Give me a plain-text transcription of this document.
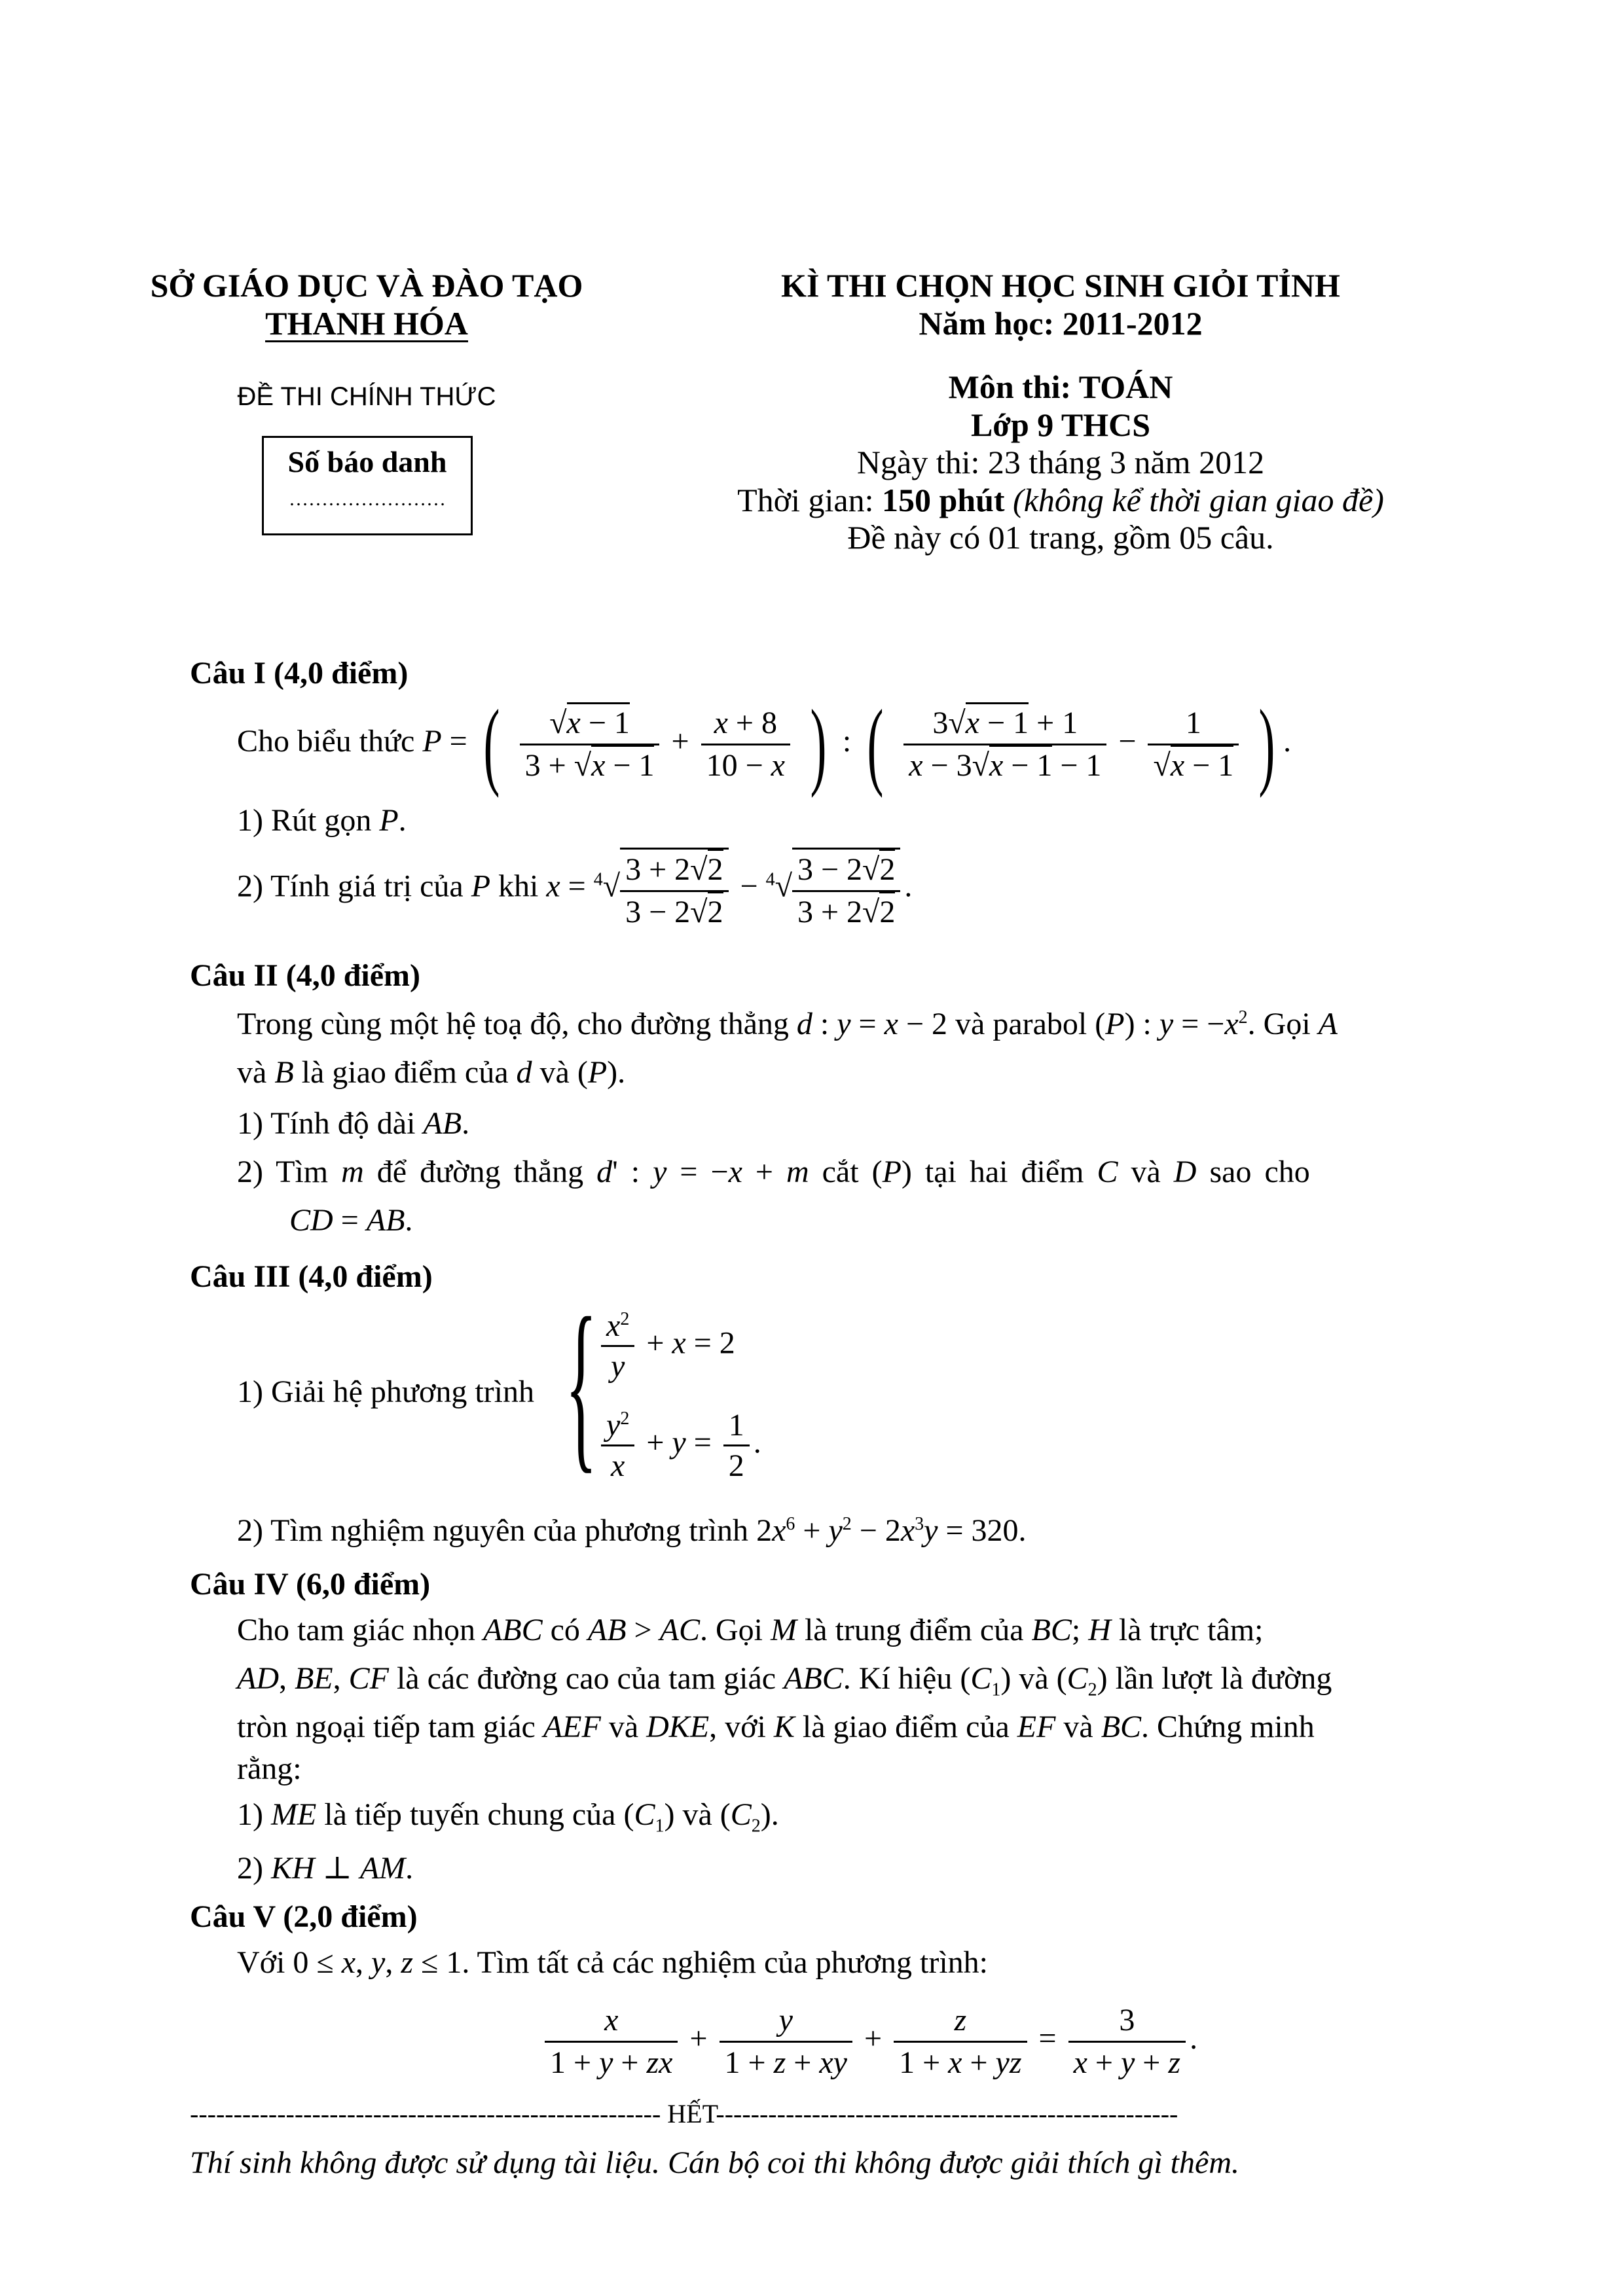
SỞ GIÁO DỤC VÀ ĐÀO TẠO
THANH HÓA
ĐỀ THI CHÍNH THỨC
Số báo danh
……………………
KÌ THI CHỌN HỌC SINH GIỎI TỈNH
Năm học: 2011-2012
Môn thi: TOÁN
Lớp 9 THCS
Ngày thi: 23 tháng 3 năm 2012
Thời gian: 150 phút (không kể thời gian giao đề)
Đề này có 01 trang, gồm 05 câu.
Câu I (4,0 điểm)
Cho biểu thức P = ( $\frac{√x - 1}{3 + √x - 1} + \frac{x + 8}{10 - x}$ ) : ( $\frac{3√x - 1 + 1}{x - 3√x - 1 - 1} - \frac{1}{√x - 1}$ ) .
1) Rút gọn P.
2) Tính giá trị của P khi $x = ^4√ \frac{3 + 2√2}{3 - 2√2} - ^4√ \frac{3 - 2√2}{3 + 2√2}$ .
Câu II (4,0 điểm)
Trong cùng một hệ toạ độ, cho đường thẳng d : y = x − 2 và parabol (P) : $y = -x^2$. Gọi A
và B là giao điểm của d và (P).
1) Tính độ dài AB.
2) Tìm m để đường thẳng d' : y = −x + m cắt (P) tại hai điểm C và D sao cho
CD = AB.
Câu III (4,0 điểm)
1) Giải hệ phương trình { $\frac{x^2}{y} + x = 2$
$\frac{y^2}{x} + y = \frac{1}{2}$ .
2) Tìm nghiệm nguyên của phương trình $2x^6 + y^2 - 2x^3y = 320$.
Câu IV (6,0 điểm)
Cho tam giác nhọn ABC có AB > AC. Gọi M là trung điểm của BC; H là trực tâm;
AD, BE, CF là các đường cao của tam giác ABC. Kí hiệu $(C_1)$ và $(C_2)$ lần lượt là đường
tròn ngoại tiếp tam giác AEF và DKE, với K là giao điểm của EF và BC. Chứng minh
rằng:
1) ME là tiếp tuyến chung của $(C_1)$ và $(C_2)$.
2) KH ⊥ AM.
Câu V (2,0 điểm)
Với 0 ≤ x, y, z ≤ 1. Tìm tất cả các nghiệm của phương trình:
$\frac{x}{1 + y + zx} + \frac{y}{1 + z + xy} + \frac{z}{1 + x + yz} = \frac{3}{x + y + z}$ .
------------------------------------------------------ HẾT-----------------------------------------------------
Thí sinh không được sử dụng tài liệu. Cán bộ coi thi không được giải thích gì thêm.
